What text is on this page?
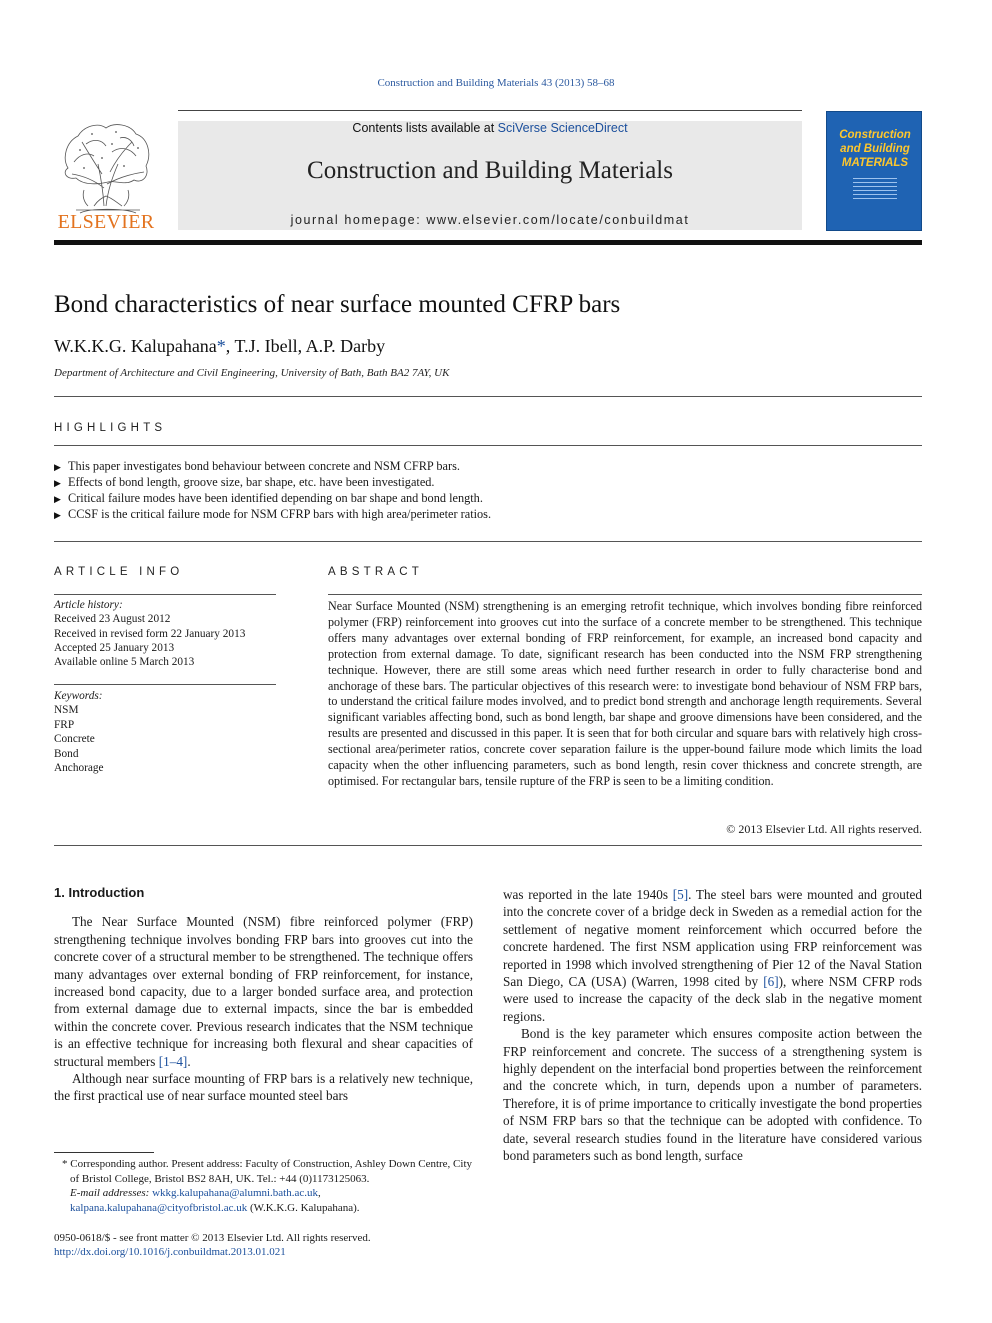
Construction and Building Materials 43 (2013) 58–68
Contents lists available at SciVerse ScienceDirect
Construction and Building Materials
journal homepage: www.elsevier.com/locate/conbuildmat
ELSEVIER
Construction
and Building
MATERIALS
Bond characteristics of near surface mounted CFRP bars
W.K.K.G. Kalupahana*, T.J. Ibell, A.P. Darby
Department of Architecture and Civil Engineering, University of Bath, Bath BA2 7AY, UK
HIGHLIGHTS
▶ This paper investigates bond behaviour between concrete and NSM CFRP bars.
▶ Effects of bond length, groove size, bar shape, etc. have been investigated.
▶ Critical failure modes have been identified depending on bar shape and bond length.
▶ CCSF is the critical failure mode for NSM CFRP bars with high area/perimeter ratios.
ARTICLE INFO
Article history:
Received 23 August 2012
Received in revised form 22 January 2013
Accepted 25 January 2013
Available online 5 March 2013
Keywords:
NSM
FRP
Concrete
Bond
Anchorage
ABSTRACT
Near Surface Mounted (NSM) strengthening is an emerging retrofit technique, which involves bonding fibre reinforced polymer (FRP) reinforcement into grooves cut into the surface of a concrete member to be strengthened. This technique offers many advantages over external bonding of FRP reinforcement, for example, an increased bond capacity and protection from external damage. To date, significant research has been conducted into the NSM FRP strengthening technique. However, there are still some areas which need further research in order to fully characterise bond and anchorage of these bars. The particular objectives of this research were: to investigate bond behaviour of NSM FRP bars, to understand the critical failure modes involved, and to predict bond strength and anchorage length requirements. Several significant variables affecting bond, such as bond length, bar shape and groove dimensions have been considered, and the results are presented and discussed in this paper. It is seen that for both circular and square bars with relatively high cross-sectional area/perimeter ratios, concrete cover separation failure is the upper-bound failure mode which limits the load capacity when the other influencing parameters, such as bond length, resin cover thickness and concrete strength, are optimised. For rectangular bars, tensile rupture of the FRP is seen to be a limiting condition.
© 2013 Elsevier Ltd. All rights reserved.
1. Introduction

The Near Surface Mounted (NSM) fibre reinforced polymer (FRP) strengthening technique involves bonding FRP bars into grooves cut into the concrete cover of a structural member to be strengthened. The technique offers many advantages over external bonding of FRP reinforcement, for instance, increased bond capacity, due to a larger bonded surface area, and protection from external damage due to external impacts, since the bar is embedded within the concrete cover. Previous research indicates that the NSM technique is an effective technique for increasing both flexural and shear capacities of structural members [1–4].

Although near surface mounting of FRP bars is a relatively new technique, the first practical use of near surface mounted steel bars

was reported in the late 1940s [5]. The steel bars were mounted and grouted into the concrete cover of a bridge deck in Sweden as a remedial action for the settlement of negative moment reinforcement which occurred before the concrete hardened. The first NSM application using FRP reinforcement was reported in 1998 which involved strengthening of Pier 12 of the Naval Station San Diego, CA (USA) (Warren, 1998 cited by [6]), where NSM CFRP rods were used to increase the capacity of the deck slab in the negative moment regions.

Bond is the key parameter which ensures composite action between the FRP reinforcement and concrete. The success of a strengthening system is highly dependent on the interfacial bond properties between the reinforcement and the concrete which, in turn, depends upon a number of parameters. Therefore, it is of prime importance to critically investigate the bond properties of NSM FRP bars so that the technique can be adopted with confidence. To date, several research studies found in the literature have considered various bond parameters such as bond length, surface

* Corresponding author. Present address: Faculty of Construction, Ashley Down Centre, City of Bristol College, Bristol BS2 8AH, UK. Tel.: +44 (0)1173125063.
E-mail addresses: wkkg.kalupahana@alumni.bath.ac.uk, kalpana.kalupahana@cityofbristol.ac.uk (W.K.K.G. Kalupahana).
0950-0618/$ - see front matter © 2013 Elsevier Ltd. All rights reserved.
http://dx.doi.org/10.1016/j.conbuildmat.2013.01.021
